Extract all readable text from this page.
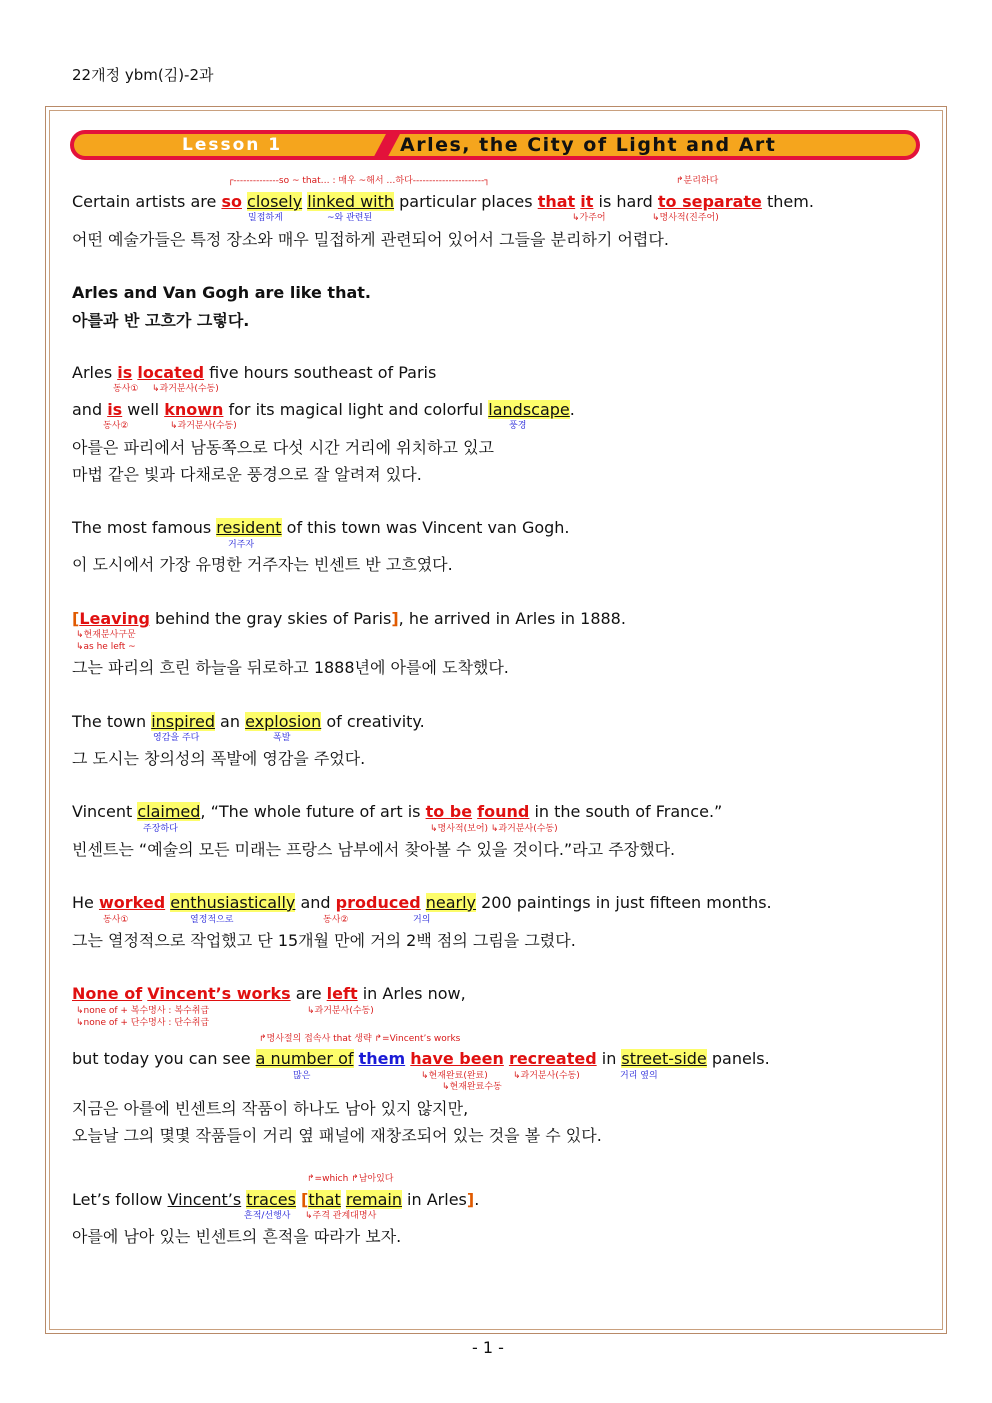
22개정 ybm(김)-2과
Lesson 1	Arles, the City of Light and Art
┌--------------so ~ that… : 매우 ~해서 …하다----------------------┐	↱분리하다
Certain artists are so closely linked with particular places that it is hard to separate them.
밀접하게	~와 관련된	↳가주어	↳명사적(진주어)
어떤 예술가들은 특정 장소와 매우 밀접하게 관련되어 있어서 그들을 분리하기 어렵다.
Arles and Van Gogh are like that.
아를과 반 고흐가 그렇다.
Arles is located five hours southeast of Paris
동사① ↳과거분사(수동)
and is well known for its magical light and colorful landscape.
동사②	↳과거분사(수동)	풍경
아를은 파리에서 남동쪽으로 다섯 시간 거리에 위치하고 있고
마법 같은 빛과 다채로운 풍경으로 잘 알려져 있다.
The most famous resident of this town was Vincent van Gogh.
거주자
이 도시에서 가장 유명한 거주자는 빈센트 반 고흐였다.
[Leaving behind the gray skies of Paris], he arrived in Arles in 1888.
↳현재분사구문
↳as he left ~
그는 파리의 흐린 하늘을 뒤로하고 1888년에 아를에 도착했다.
The town inspired an explosion of creativity.
영감을 주다	폭발
그 도시는 창의성의 폭발에 영감을 주었다.
Vincent claimed, “The whole future of art is to be found in the south of France.”
주장하다	↳명사적(보어) ↳과거분사(수동)
빈센트는 “예술의 모든 미래는 프랑스 남부에서 찾아볼 수 있을 것이다.”라고 주장했다.
He worked enthusiastically and produced nearly 200 paintings in just fifteen months.
동사①	열정적으로	동사②	거의
그는 열정적으로 작업했고 단 15개월 만에 거의 2백 점의 그림을 그렸다.
None of Vincent’s works are left in Arles now,
↳none of + 복수명사 : 복수취급
↳none of + 단수명사 : 단수취급
↳과거분사(수동)
↱명사절의 접속사 that 생략 ↱=Vincent’s works
but today you can see a number of them have been recreated in street-side panels.
많은	↳현재완료(완료)	↳과거분사(수동)	거리 옆의
↳현재완료수동
지금은 아를에 빈센트의 작품이 하나도 남아 있지 않지만,
오늘날 그의 몇몇 작품들이 거리 옆 패널에 재창조되어 있는 것을 볼 수 있다.
↱=which ↱남아있다
Let’s follow Vincent’s traces [that remain in Arles].
흔적/선행사 ↳주격 관계대명사
아를에 남아 있는 빈센트의 흔적을 따라가 보자.
- 1 -
